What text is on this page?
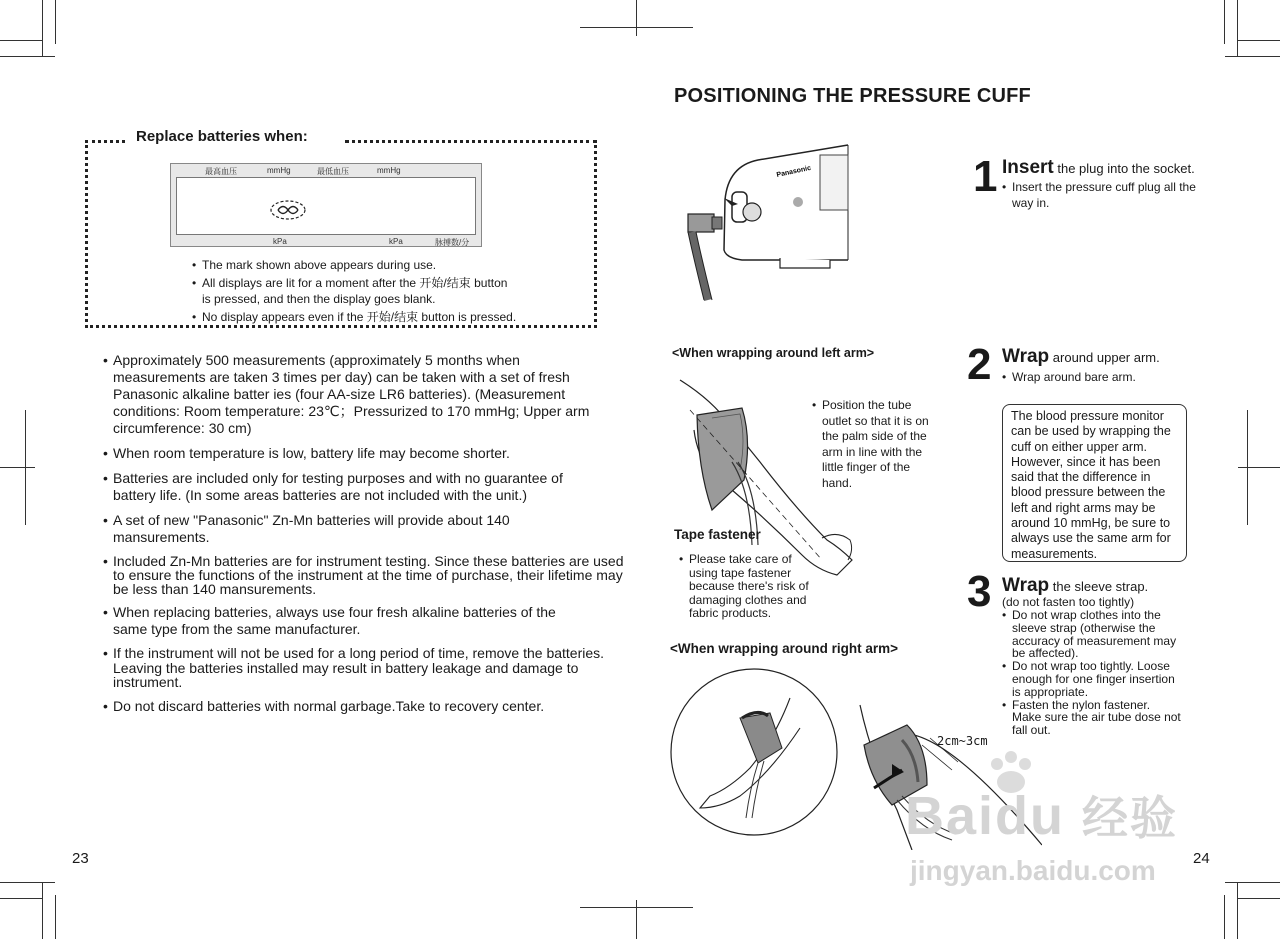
Replace batteries when:
最高血压	mmHg	最低血压	mmHg
kPa	kPa	脉搏数/分
• The mark shown above appears during use.
• All displays are lit for a moment after the 开始/结束 button is pressed, and then the display goes blank.
• No display appears even if the 开始/结束 button is pressed.
• Approximately 500 measurements (approximately 5 months when measurements are taken 3 times per day) can be taken with a set of fresh Panasonic alkaline batter ies (four AA-size LR6 batteries). (Measurement conditions: Room temperature: 23℃；Pressurized to 170 mmHg; Upper arm circumference: 30 cm)
• When room temperature is low, battery life may become shorter.
• Batteries are included only for testing purposes and with no guarantee of battery life. (In some areas batteries are not included with the unit.)
• A set of new "Panasonic" Zn-Mn batteries will provide about 140 mansurements.
• Included Zn-Mn batteries are for instrument testing. Since these batteries are used to ensure the functions of the instrument at the time of purchase, their lifetime may be less than 140 mansurements.
• When replacing batteries, always use four fresh alkaline batteries of the same type from the same manufacturer.
• If the instrument will not be used for a long period of time, remove the batteries. Leaving the batteries installed may result in battery leakage and damage to instrument.
• Do not discard batteries with normal garbage.Take to recovery center.
23
POSITIONING THE PRESSURE CUFF
Panasonic	1 Insert the plug into the socket.
• Insert the pressure cuff plug all the way in.
<When wrapping around left arm>
• Position the tube outlet so that it is on the palm side of the arm in line with the little finger of the hand.
Tape fastener
• Please take care of using tape fastener because there's risk of damaging clothes and fabric products.
2 Wrap around upper arm.
• Wrap around bare arm.
The blood pressure monitor can be used by wrapping the cuff on either upper arm. However, since it has been said that the difference in blood pressure between the left and right arms may be around 10 mmHg, be sure to always use the same arm for measurements.
3 Wrap the sleeve strap.
(do not fasten too tightly)
• Do not wrap clothes into the sleeve strap (otherwise the accuracy of measurement may be affected).
• Do not wrap too tightly. Loose enough for one finger insertion is appropriate.
• Fasten the nylon fastener. Make sure the air tube dose not fall out.
<When wrapping around right arm>
2cm~3cm
24
Baidu 经验
jingyan.baidu.com
